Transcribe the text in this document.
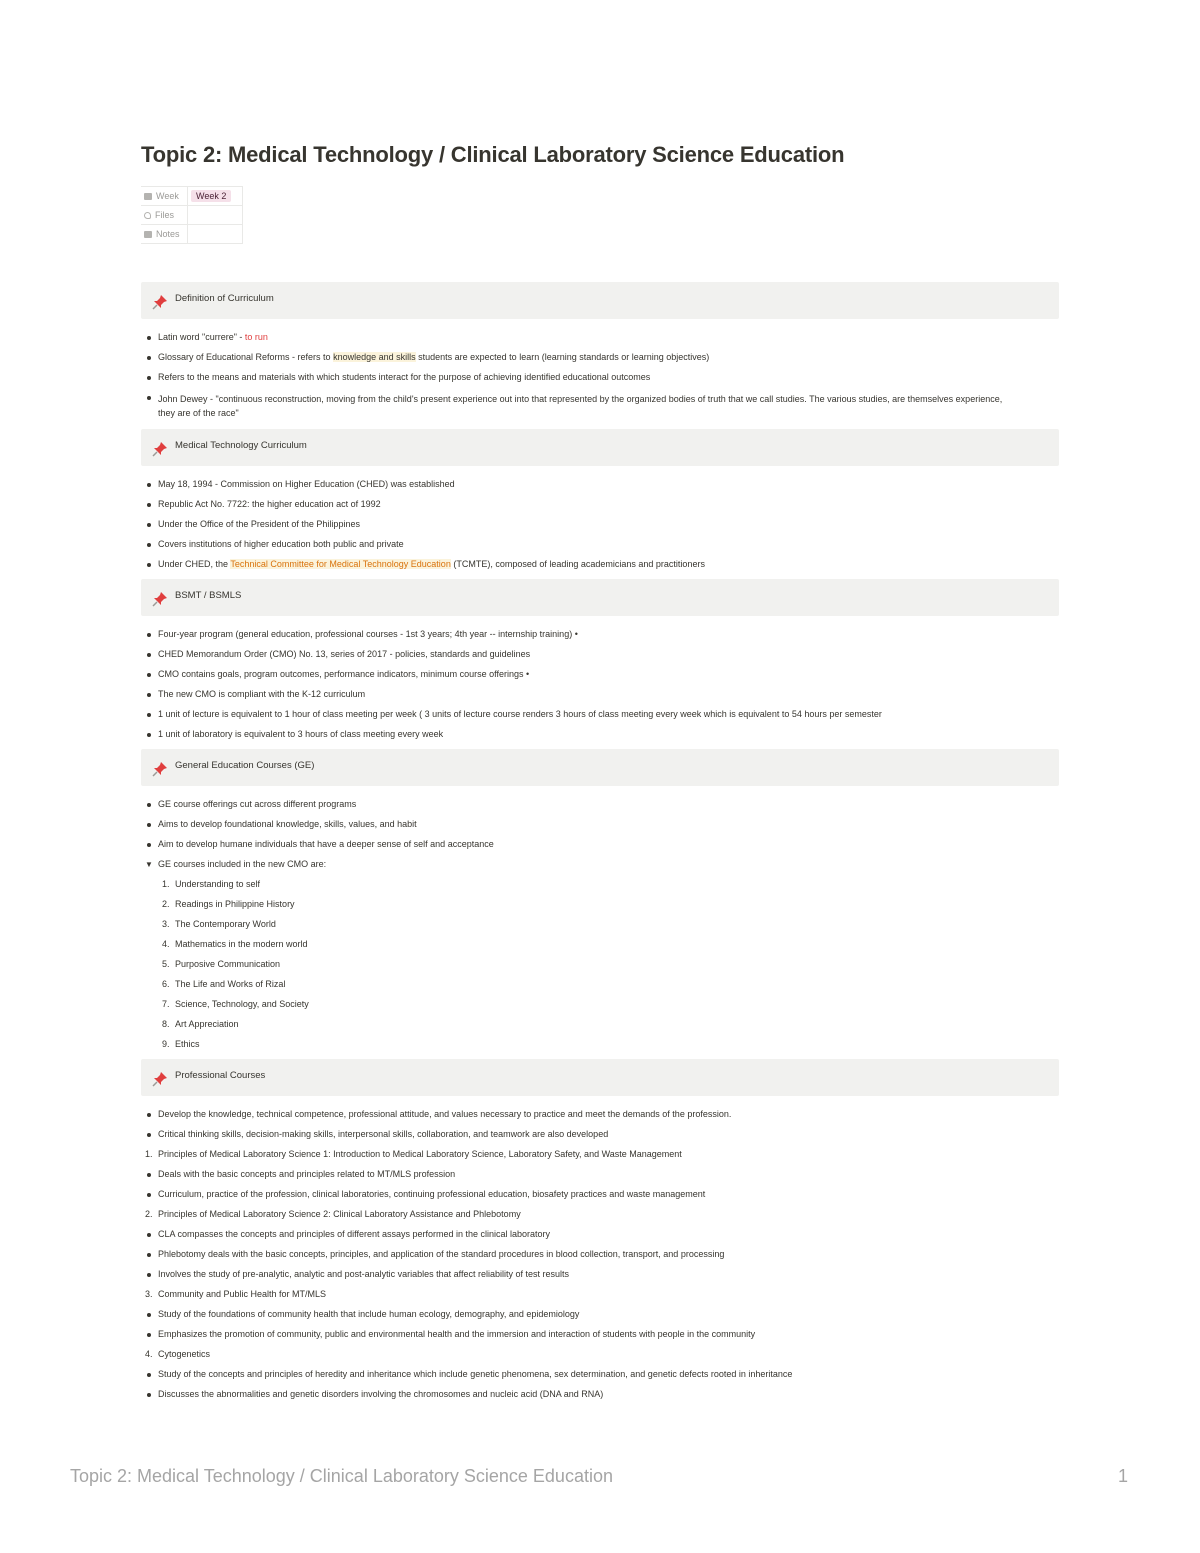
Topic 2: Medical Technology / Clinical Laboratory Science Education
Week	Week 2
Files	
Notes	
Definition of Curriculum
Latin word "currere" - to run
Glossary of Educational Reforms - refers to knowledge and skills students are expected to learn (learning standards or learning objectives)
Refers to the means and materials with which students interact for the purpose of achieving identified educational outcomes
John Dewey - "continuous reconstruction, moving from the child's present experience out into that represented by the organized bodies of truth that we call studies. The various studies, are themselves experience, they are of the race"
Medical Technology Curriculum
May 18, 1994 - Commission on Higher Education (CHED) was established
Republic Act No. 7722: the higher education act of 1992
Under the Office of the President of the Philippines
Covers institutions of higher education both public and private
Under CHED, the Technical Committee for Medical Technology Education (TCMTE), composed of leading academicians and practitioners
BSMT / BSMLS
Four-year program (general education, professional courses - 1st 3 years; 4th year -- internship training) •
CHED Memorandum Order (CMO) No. 13, series of 2017 - policies, standards and guidelines
CMO contains goals, program outcomes, performance indicators, minimum course offerings •
The new CMO is compliant with the K-12 curriculum
1 unit of lecture is equivalent to 1 hour of class meeting per week ( 3 units of lecture course renders 3 hours of class meeting every week which is equivalent to 54 hours per semester
1 unit of laboratory is equivalent to 3 hours of class meeting every week
General Education Courses (GE)
GE course offerings cut across different programs
Aims to develop foundational knowledge, skills, values, and habit
Aim to develop humane individuals that have a deeper sense of self and acceptance
▼ GE courses included in the new CMO are:
1. Understanding to self
2. Readings in Philippine History
3. The Contemporary World
4. Mathematics in the modern world
5. Purposive Communication
6. The Life and Works of Rizal
7. Science, Technology, and Society
8. Art Appreciation
9. Ethics
Professional Courses
Develop the knowledge, technical competence, professional attitude, and values necessary to practice and meet the demands of the profession.
Critical thinking skills, decision-making skills, interpersonal skills, collaboration, and teamwork are also developed
1. Principles of Medical Laboratory Science 1: Introduction to Medical Laboratory Science, Laboratory Safety, and Waste Management
Deals with the basic concepts and principles related to MT/MLS profession
Curriculum, practice of the profession, clinical laboratories, continuing professional education, biosafety practices and waste management
2. Principles of Medical Laboratory Science 2: Clinical Laboratory Assistance and Phlebotomy
CLA compasses the concepts and principles of different assays performed in the clinical laboratory
Phlebotomy deals with the basic concepts, principles, and application of the standard procedures in blood collection, transport, and processing
Involves the study of pre-analytic, analytic and post-analytic variables that affect reliability of test results
3. Community and Public Health for MT/MLS
Study of the foundations of community health that include human ecology, demography, and epidemiology
Emphasizes the promotion of community, public and environmental health and the immersion and interaction of students with people in the community
4. Cytogenetics
Study of the concepts and principles of heredity and inheritance which include genetic phenomena, sex determination, and genetic defects rooted in inheritance
Discusses the abnormalities and genetic disorders involving the chromosomes and nucleic acid (DNA and RNA)
Topic 2: Medical Technology / Clinical Laboratory Science Education	1
